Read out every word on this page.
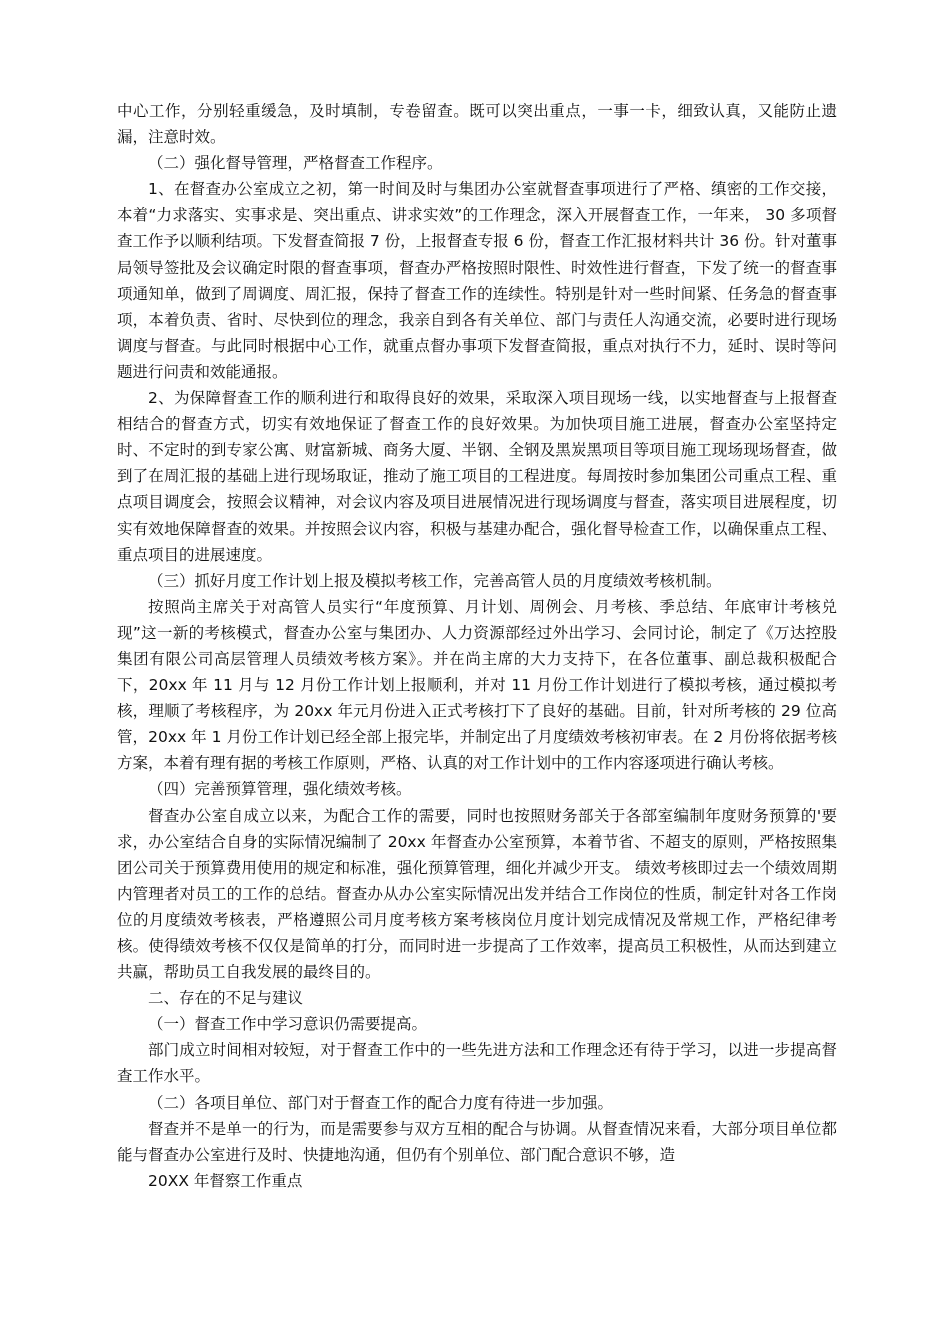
中心工作，分别轻重缓急，及时填制，专卷留查。既可以突出重点，一事一卡，细致认真，又能防止遗漏，注意时效。

（二）强化督导管理，严格督查工作程序。

1、在督查办公室成立之初，第一时间及时与集团办公室就督查事项进行了严格、缜密的工作交接，本着“力求落实、实事求是、突出重点、讲求实效”的工作理念，深入开展督查工作，一年来， 30 多项督查工作予以顺利结项。下发督查简报 7 份，上报督查专报 6 份，督查工作汇报材料共计 36 份。针对董事局领导签批及会议确定时限的督查事项，督查办严格按照时限性、时效性进行督查，下发了统一的督查事项通知单，做到了周调度、周汇报，保持了督查工作的连续性。特别是针对一些时间紧、任务急的督查事项，本着负责、省时、尽快到位的理念，我亲自到各有关单位、部门与责任人沟通交流，必要时进行现场调度与督查。与此同时根据中心工作，就重点督办事项下发督查简报，重点对执行不力，延时、误时等问题进行问责和效能通报。

2、为保障督查工作的顺利进行和取得良好的效果，采取深入项目现场一线，以实地督查与上报督查相结合的督查方式，切实有效地保证了督查工作的良好效果。为加快项目施工进展，督查办公室坚持定时、不定时的到专家公寓、财富新城、商务大厦、半钢、全钢及黑炭黑项目等项目施工现场现场督查，做到了在周汇报的基础上进行现场取证，推动了施工项目的工程进度。每周按时参加集团公司重点工程、重点项目调度会，按照会议精神，对会议内容及项目进展情况进行现场调度与督查，落实项目进展程度，切实有效地保障督查的效果。并按照会议内容，积极与基建办配合，强化督导检查工作，以确保重点工程、重点项目的进展速度。

（三）抓好月度工作计划上报及模拟考核工作，完善高管人员的月度绩效考核机制。

按照尚主席关于对高管人员实行“年度预算、月计划、周例会、月考核、季总结、年底审计考核兑现”这一新的考核模式，督查办公室与集团办、人力资源部经过外出学习、会同讨论，制定了《万达控股集团有限公司高层管理人员绩效考核方案》。并在尚主席的大力支持下，在各位董事、副总裁积极配合下，20xx 年 11 月与 12 月份工作计划上报顺利，并对 11 月份工作计划进行了模拟考核，通过模拟考核，理顺了考核程序，为 20xx 年元月份进入正式考核打下了良好的基础。目前，针对所考核的 29 位高管，20xx 年 1 月份工作计划已经全部上报完毕，并制定出了月度绩效考核初审表。在 2 月份将依据考核方案，本着有理有据的考核工作原则，严格、认真的对工作计划中的工作内容逐项进行确认考核。

（四）完善预算管理，强化绩效考核。

督查办公室自成立以来，为配合工作的需要，同时也按照财务部关于各部室编制年度财务预算的'要求，办公室结合自身的实际情况编制了 20xx 年督查办公室预算，本着节省、不超支的原则，严格按照集团公司关于预算费用使用的规定和标准，强化预算管理，细化并减少开支。 绩效考核即过去一个绩效周期内管理者对员工的工作的总结。督查办从办公室实际情况出发并结合工作岗位的性质，制定针对各工作岗位的月度绩效考核表，严格遵照公司月度考核方案考核岗位月度计划完成情况及常规工作，严格纪律考核。使得绩效考核不仅仅是简单的打分，而同时进一步提高了工作效率，提高员工积极性，从而达到建立共赢，帮助员工自我发展的最终目的。

二、存在的不足与建议

（一）督查工作中学习意识仍需要提高。

部门成立时间相对较短，对于督查工作中的一些先进方法和工作理念还有待于学习，以进一步提高督查工作水平。

（二）各项目单位、部门对于督查工作的配合力度有待进一步加强。

督查并不是单一的行为，而是需要参与双方互相的配合与协调。从督查情况来看，大部分项目单位都能与督查办公室进行及时、快捷地沟通，但仍有个别单位、部门配合意识不够，造

20XX 年督察工作重点
